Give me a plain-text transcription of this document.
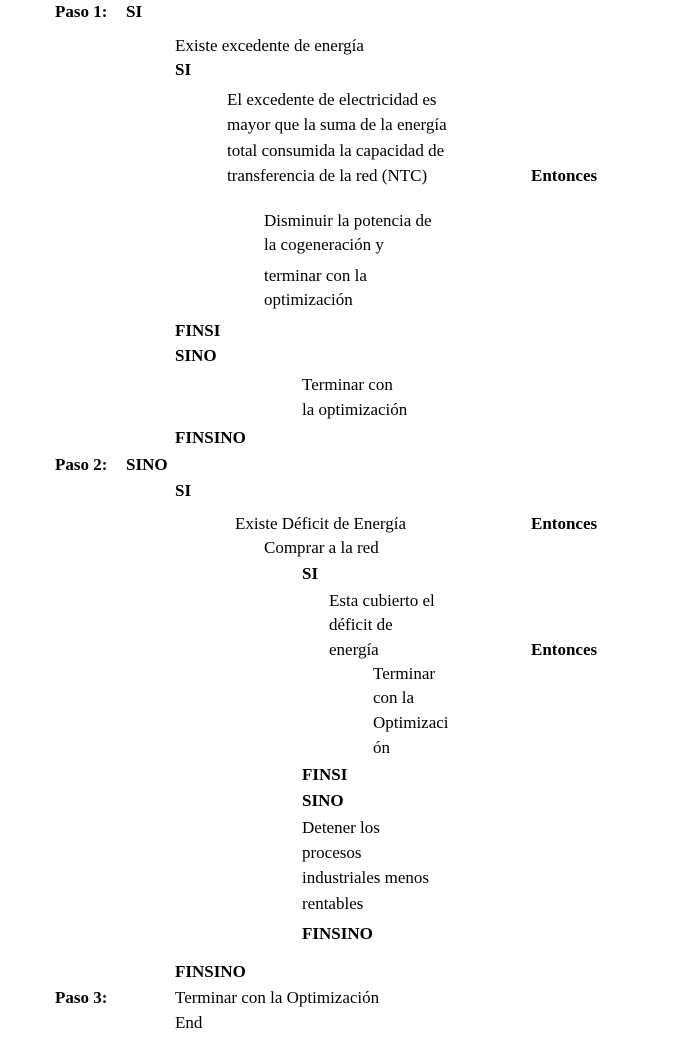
Paso 1: SI
Existe excedente de energía
SI
El excedente de electricidad es
mayor que la suma de la energía
total consumida la capacidad de
transferencia de la red (NTC)	Entonces
Disminuir la potencia de
la cogeneración y
terminar con la
optimización
FINSI
SINO
Terminar con
la optimización
FINSINO
Paso 2: SINO
SI
Existe Déficit de Energía	Entonces
Comprar a la red
SI
Esta cubierto el
déficit de
energía	Entonces
Terminar
con la
Optimizaci
ón
FINSI
SINO
Detener los
procesos
industriales menos
rentables
FINSINO
FINSINO
Paso 3:	Terminar con la Optimización
End
